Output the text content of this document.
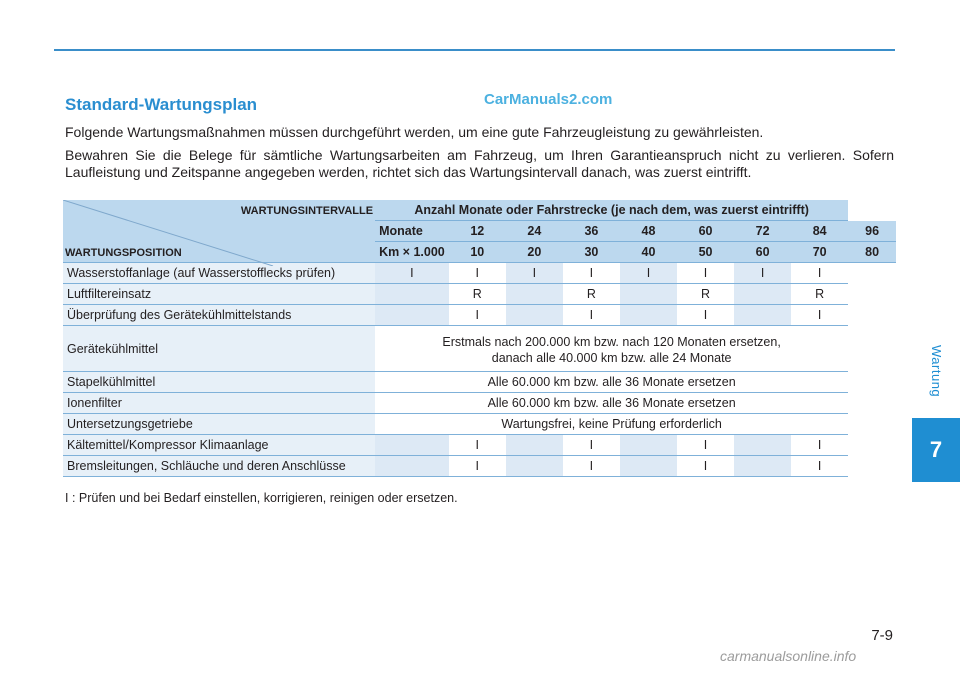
CarManuals2.com
Standard-Wartungsplan

Folgende Wartungsmaßnahmen müssen durchgeführt werden, um eine gute Fahrzeugleistung zu gewährleisten.

Bewahren Sie die Belege für sämtliche Wartungsarbeiten am Fahrzeug, um Ihren Garantieanspruch nicht zu verlieren. Sofern Laufleistung und Zeitspanne angegeben werden, richtet sich das Wartungsintervall danach, was zuerst eintrifft.

WARTUNGSINTERVALLE
WARTUNGSPOSITION	Anzahl Monate oder Fahrstrecke (je nach dem, was zuerst eintrifft)								
	Monate	12	24	36	48	60	72	84	96
	Km × 1.000	10	20	30	40	50	60	70	80
Wasserstoffanlage (auf Wasserstofflecks prüfen)	I	I	I	I	I	I	I	I	
Luftfiltereinsatz		R		R		R		R	
Überprüfung des Gerätekühlmittelstands		I		I		I		I	
Gerätekühlmittel	Erstmals nach 200.000 km bzw. nach 120 Monaten ersetzen,
danach alle 40.000 km bzw. alle 24 Monate								

Stapelkühlmittel	Alle 60.000 km bzw. alle 36 Monate ersetzen								

Ionenfilter	Alle 60.000 km bzw. alle 36 Monate ersetzen								

Untersetzungsgetriebe	Wartungsfrei, keine Prüfung erforderlich								

Kältemittel/Kompressor Klimaanlage		I		I		I		I	
Bremsleitungen, Schläuche und deren Anschlüsse		I		I		I		I	
I : Prüfen und bei Bedarf einstellen, korrigieren, reinigen oder ersetzen.
Wartung
7
7-9
carmanualsonline.info
